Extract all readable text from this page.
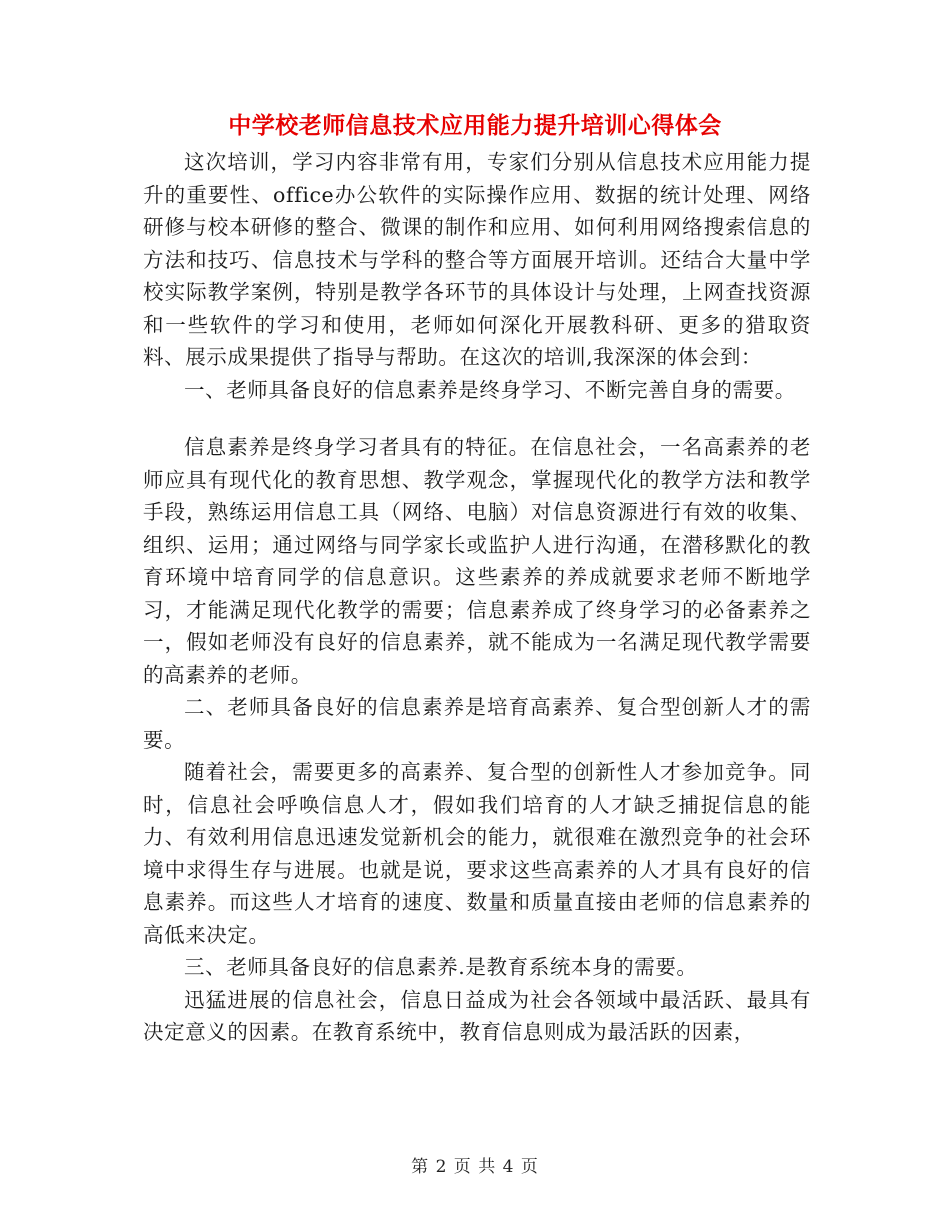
中学校老师信息技术应用能力提升培训心得体会

这次培训，学习内容非常有用，专家们分别从信息技术应用能力提升的重要性、office办公软件的实际操作应用、数据的统计处理、网络研修与校本研修的整合、微课的制作和应用、如何利用网络搜索信息的方法和技巧、信息技术与学科的整合等方面展开培训。还结合大量中学校实际教学案例，特别是教学各环节的具体设计与处理，上网查找资源和一些软件的学习和使用，老师如何深化开展教科研、更多的猎取资料、展示成果提供了指导与帮助。在这次的培训,我深深的体会到：

一、老师具备良好的信息素养是终身学习、不断完善自身的需要。

信息素养是终身学习者具有的特征。在信息社会，一名高素养的老师应具有现代化的教育思想、教学观念，掌握现代化的教学方法和教学手段，熟练运用信息工具（网络、电脑）对信息资源进行有效的收集、组织、运用；通过网络与同学家长或监护人进行沟通，在潜移默化的教育环境中培育同学的信息意识。这些素养的养成就要求老师不断地学习，才能满足现代化教学的需要；信息素养成了终身学习的必备素养之一，假如老师没有良好的信息素养，就不能成为一名满足现代教学需要的高素养的老师。

二、老师具备良好的信息素养是培育高素养、复合型创新人才的需要。

随着社会，需要更多的高素养、复合型的创新性人才参加竞争。同时，信息社会呼唤信息人才，假如我们培育的人才缺乏捕捉信息的能力、有效利用信息迅速发觉新机会的能力，就很难在激烈竞争的社会环境中求得生存与进展。也就是说，要求这些高素养的人才具有良好的信息素养。而这些人才培育的速度、数量和质量直接由老师的信息素养的高低来决定。

三、老师具备良好的信息素养.是教育系统本身的需要。

迅猛进展的信息社会，信息日益成为社会各领域中最活跃、最具有决定意义的因素。在教育系统中，教育信息则成为最活跃的因素，

第 2 页 共 4 页
